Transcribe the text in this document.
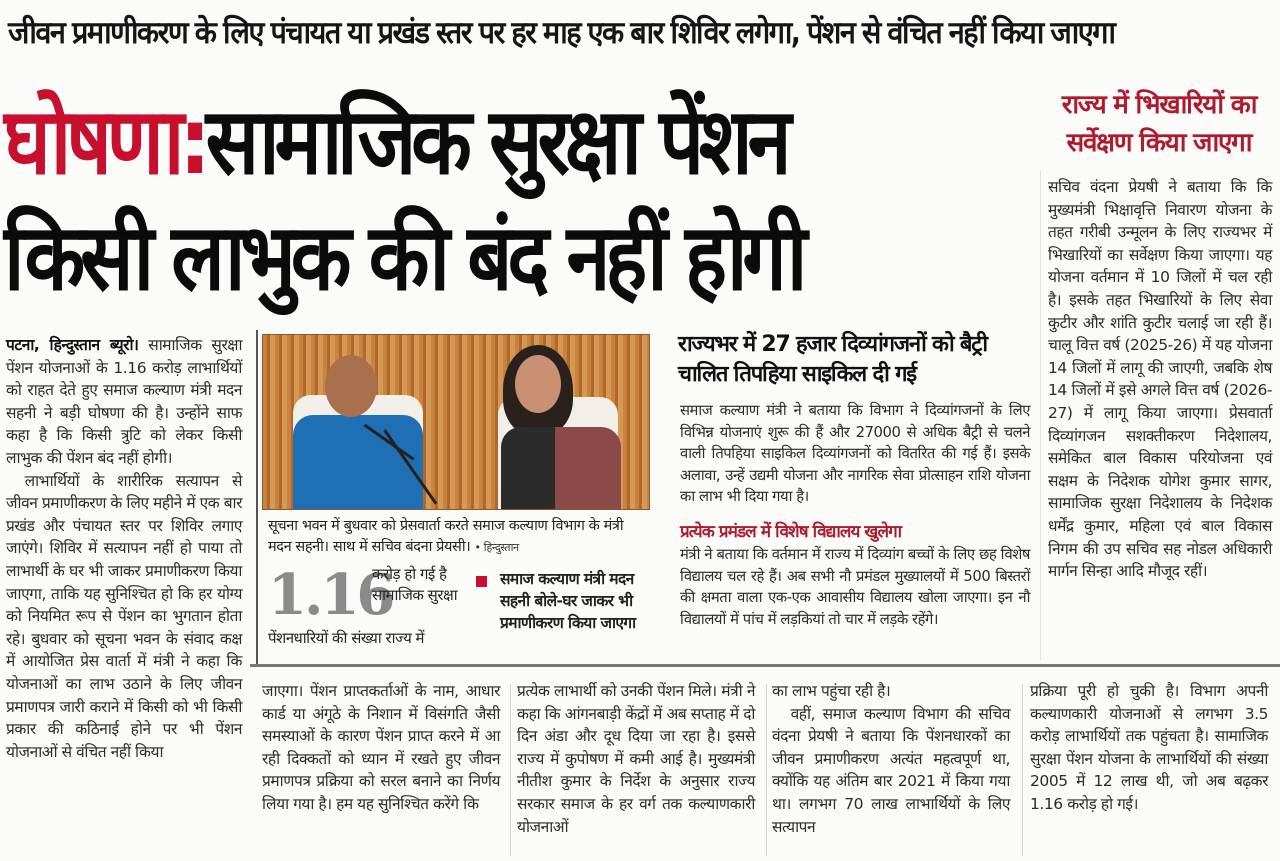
जीवन प्रमाणीकरण के लिए पंचायत या प्रखंड स्तर पर हर माह एक बार शिविर लगेगा, पेंशन से वंचित नहीं किया जाएगा
घोषणा:सामाजिक सुरक्षा पेंशन
किसी लाभुक की बंद नहीं होगी
राज्य में भिखारियों का सर्वेक्षण किया जाएगा
सचिव वंदना प्रेयषी ने बताया कि कि मुख्यमंत्री भिक्षावृत्ति निवारण योजना के तहत गरीबी उन्मूलन के लिए राज्यभर में भिखारियों का सर्वेक्षण किया जाएगा। यह योजना वर्तमान में 10 जिलों में चल रही है। इसके तहत भिखारियों के लिए सेवा कुटीर और शांति कुटीर चलाई जा रही हैं। चालू वित्त वर्ष (2025-26) में यह योजना 14 जिलों में लागू की जाएगी, जबकि शेष 14 जिलों में इसे अगले वित्त वर्ष (2026-27) में लागू किया जाएगा। प्रेसवार्ता दिव्यांगजन सशक्तीकरण निदेशालय, समेकित बाल विकास परियोजना एवं सक्षम के निदेशक योगेश कुमार सागर, सामाजिक सुरक्षा निदेशालय के निदेशक धर्मेंद्र कुमार, महिला एवं बाल विकास निगम की उप सचिव सह नोडल अधिकारी मार्गन सिन्हा आदि मौजूद रहीं।

पटना, हिन्दुस्तान ब्यूरो। सामाजिक सुरक्षा पेंशन योजनाओं के 1.16 करोड़ लाभार्थियों को राहत देते हुए समाज कल्याण मंत्री मदन सहनी ने बड़ी घोषणा की है। उन्होंने साफ कहा है कि किसी त्रुटि को लेकर किसी लाभुक की पेंशन बंद नहीं होगी।

लाभार्थियों के शारीरिक सत्यापन से जीवन प्रमाणीकरण के लिए महीने में एक बार प्रखंड और पंचायत स्तर पर शिविर लगाए जाएंगे। शिविर में सत्यापन नहीं हो पाया तो लाभार्थी के घर भी जाकर प्रमाणीकरण किया जाएगा, ताकि यह सुनिश्चित हो कि हर योग्य को नियमित रूप से पेंशन का भुगतान होता रहे। बुधवार को सूचना भवन के संवाद कक्ष में आयोजित प्रेस वार्ता में मंत्री ने कहा कि योजनाओं का लाभ उठाने के लिए जीवन प्रमाणपत्र जारी कराने में किसी को भी किसी प्रकार की कठिनाई होने पर भी पेंशन योजनाओं से वंचित नहीं किया

सूचना भवन में बुधवार को प्रेसवार्ता करते समाज कल्याण विभाग के मंत्री मदन सहनी। साथ में सचिव बंदना प्रेयसी। • हिन्दुस्तान
1.16
करोड़ हो गई है सामाजिक सुरक्षा
पेंशनधारियों की संख्या राज्य में
समाज कल्याण मंत्री मदन सहनी बोले-घर जाकर भी प्रमाणीकरण किया जाएगा
राज्यभर में 27 हजार दिव्यांगजनों को बैट्री चालित तिपहिया साइकिल दी गई
समाज कल्याण मंत्री ने बताया कि विभाग ने दिव्यांगजनों के लिए विभिन्न योजनाएं शुरू की हैं और 27000 से अधिक बैट्री से चलने वाली तिपहिया साइकिल दिव्यांगजनों को वितरित की गई हैं। इसके अलावा, उन्हें उद्यमी योजना और नागरिक सेवा प्रोत्साहन राशि योजना का लाभ भी दिया गया है।
प्रत्येक प्रमंडल में विशेष विद्यालय खुलेगा
मंत्री ने बताया कि वर्तमान में राज्य में दिव्यांग बच्चों के लिए छह विशेष विद्यालय चल रहे हैं। अब सभी नौ प्रमंडल मुख्यालयों में 500 बिस्तरों की क्षमता वाला एक-एक आवासीय विद्यालय खोला जाएगा। इन नौ विद्यालयों में पांच में लड़कियां तो चार में लड़के रहेंगे।
जाएगा। पेंशन प्राप्तकर्ताओं के नाम, आधार कार्ड या अंगूठे के निशान में विसंगति जैसी समस्याओं के कारण पेंशन प्राप्त करने में आ रही दिक्कतों को ध्यान में रखते हुए जीवन प्रमाणपत्र प्रक्रिया को सरल बनाने का निर्णय लिया गया है। हम यह सुनिश्चित करेंगे कि
प्रत्येक लाभार्थी को उनकी पेंशन मिले। मंत्री ने कहा कि आंगनबाड़ी केंद्रों में अब सप्ताह में दो दिन अंडा और दूध दिया जा रहा है। इससे राज्य में कुपोषण में कमी आई है। मुख्यमंत्री नीतीश कुमार के निर्देश के अनुसार राज्य सरकार समाज के हर वर्ग तक कल्याणकारी योजनाओं

का लाभ पहुंचा रही है।

वहीं, समाज कल्याण विभाग की सचिव वंदना प्रेयषी ने बताया कि पेंशनधारकों का जीवन प्रमाणीकरण अत्यंत महत्वपूर्ण था, क्योंकि यह अंतिम बार 2021 में किया गया था। लगभग 70 लाख लाभार्थियों के लिए सत्यापन

प्रक्रिया पूरी हो चुकी है। विभाग अपनी कल्याणकारी योजनाओं से लगभग 3.5 करोड़ लाभार्थियों तक पहुंचता है। सामाजिक सुरक्षा पेंशन योजना के लाभार्थियों की संख्या 2005 में 12 लाख थी, जो अब बढ़कर 1.16 करोड़ हो गई।
